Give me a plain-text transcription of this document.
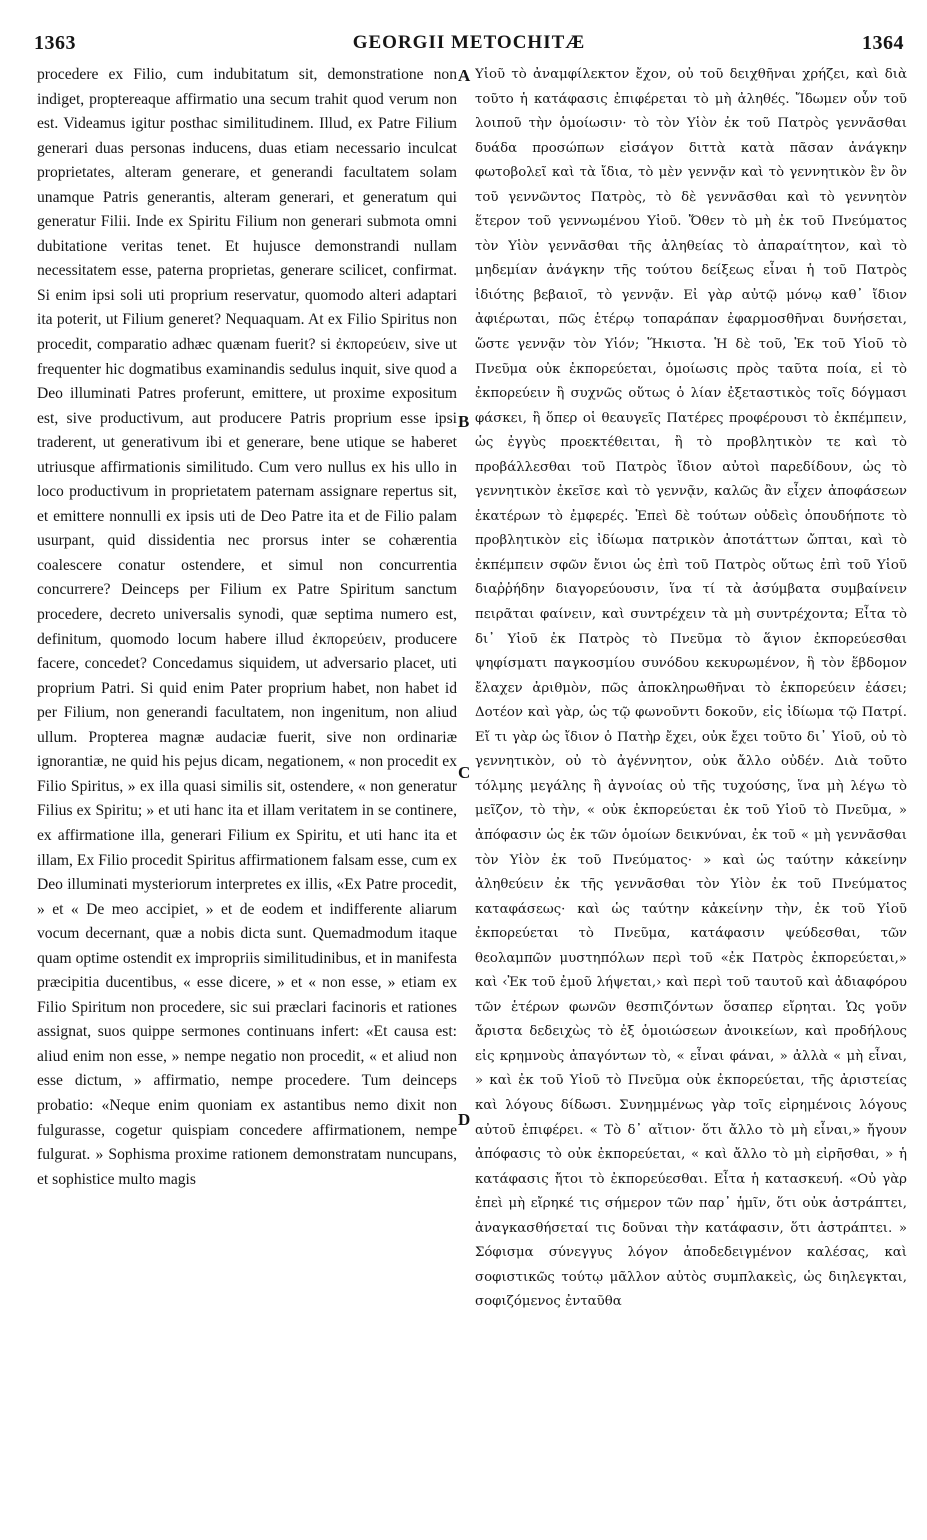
1363	GEORGII METOCHITÆ	1364

procedere ex Filio, cum indubitatum sit, demonstratione non indiget, proptereaque affirmatio una secum trahit quod verum non est. Videamus igitur posthac similitudinem. Illud, ex Patre Filium generari duas personas inducens, duas etiam necessario inculcat proprietates, alteram generare, et generandi facultatem solam unamque Patris generantis, alteram generari, et generatum qui generatur Filii. Inde ex Spiritu Filium non generari submota omni dubitatione veritas tenet. Et hujusce demonstrandi nullam necessitatem esse, paterna proprietas, generare scilicet, confirmat. Si enim ipsi soli uti proprium reservatur, quomodo alteri adaptari ita poterit, ut Filium generet? Nequaquam. At ex Filio Spiritus non procedit, comparatio adhæc quænam fuerit? si ἐκπορεύειν, sive ut frequenter hic dogmatibus examinandis sedulus inquit, sive quod a Deo illuminati Patres proferunt, emittere, ut proxime expositum est, sive productivum, aut producere Patris proprium esse ipsi traderent, ut generativum ibi et generare, bene utique se haberet utriusque affirmationis similitudo. Cum vero nullus ex his ullo in loco productivum in proprietatem paternam assignare repertus sit, et emittere nonnulli ex ipsis uti de Deo Patre ita et de Filio palam usurpant, quid dissidentia nec prorsus inter se cohærentia coalescere conatur ostendere, et simul non concurrentia concurrere? Deinceps per Filium ex Patre Spiritum sanctum procedere, decreto universalis synodi, quæ septima numero est, definitum, quomodo locum habere illud ἐκπορεύειν, producere facere, concedet? Concedamus siquidem, ut adversario placet, uti proprium Patri. Si quid enim Pater proprium habet, non habet id per Filium, non generandi facultatem, non ingenitum, non aliud ullum. Propterea magnæ audaciæ fuerit, sive non ordinariæ ignorantiæ, ne quid his pejus dicam, negationem, « non procedit ex Filio Spiritus, » ex illa quasi similis sit, ostendere, « non generatur Filius ex Spiritu; » et uti hanc ita et illam veritatem in se continere, ex affirmatione illa, generari Filium ex Spiritu, et uti hanc ita et illam, Ex Filio procedit Spiritus affirmationem falsam esse, cum ex Deo illuminati mysteriorum interpretes ex illis, «Ex Patre procedit, » et « De meo accipiet, » et de eodem et indifferente aliarum vocum decernant, quæ a nobis dicta sunt. Quemadmodum itaque quam optime ostendit ex impropriis similitudinibus, et in manifesta præcipitia ducentibus, « esse dicere, » et « non esse, » etiam ex Filio Spiritum non procedere, sic sui præclari facinoris et rationes assignat, suos quippe sermones continuans infert: «Et causa est: aliud enim non esse, » nempe negatio non procedit, « et aliud non esse dictum, » affirmatio, nempe procedere. Tum deinceps probatio: «Neque enim quoniam ex astantibus nemo dixit non fulgurasse, cogetur quispiam concedere affirmationem, nempe fulgurat. » Sophisma proxime rationem demonstratam nuncupans, et sophistice multo magis

Υἱοῦ τὸ ἀναμφίλεκτον ἔχον, οὐ τοῦ δειχθῆναι χρήζει, καὶ διὰ τοῦτο ἡ κατάφασις ἐπιφέρεται τὸ μὴ ἀληθές. Ἴδωμεν οὖν τοῦ λοιποῦ τὴν ὁμοίωσιν· τὸ τὸν Υἱὸν ἐκ τοῦ Πατρὸς γεννᾶσθαι δυάδα προσώπων εἰσάγον διττὰ κατὰ πᾶσαν ἀνάγκην φωτοβολεῖ καὶ τὰ ἴδια, τὸ μὲν γεννᾷν καὶ τὸ γεννητικὸν ἓν ὂν τοῦ γεννῶντος Πατρὸς, τὸ δὲ γεννᾶσθαι καὶ τὸ γεννητὸν ἕτερον τοῦ γεννωμένου Υἱοῦ. Ὅθεν τὸ μὴ ἐκ τοῦ Πνεύματος τὸν Υἱὸν γεννᾶσθαι τῆς ἀληθείας τὸ ἀπαραίτητον, καὶ τὸ μηδεμίαν ἀνάγκην τῆς τούτου δείξεως εἶναι ἡ τοῦ Πατρὸς ἰδιότης βεβαιοῖ, τὸ γεννᾷν. Εἰ γὰρ αὐτῷ μόνῳ καθ᾽ ἴδιον ἀφιέρωται, πῶς ἑτέρῳ τοπαράπαν ἐφαρμοσθῆναι δυνήσεται, ὥστε γεννᾷν τὸν Υἱόν; Ἥκιστα. Ἡ δὲ τοῦ, Ἐκ τοῦ Υἱοῦ τὸ Πνεῦμα οὐκ ἐκπορεύεται, ὁμοίωσις πρὸς ταῦτα ποία, εἰ τὸ ἐκπορεύειν ἢ συχνῶς οὕτως ὁ λίαν ἐξεταστικὸς τοῖς δόγμασι φάσκει, ἢ ὅπερ οἱ θεαυγεῖς Πατέρες προφέρουσι τὸ ἐκπέμπειν, ὡς ἐγγὺς προεκτέθειται, ἢ τὸ προβλητικὸν τε καὶ τὸ προβάλλεσθαι τοῦ Πατρὸς ἴδιον αὐτοὶ παρεδίδουν, ὡς τὸ γεννητικὸν ἐκεῖσε καὶ τὸ γεννᾷν, καλῶς ἂν εἶχεν ἀποφάσεων ἑκατέρων τὸ ἐμφερές. Ἐπεὶ δὲ τούτων οὐδεὶς ὁπουδήποτε τὸ προβλητικὸν εἰς ἰδίωμα πατρικὸν ἀποτάττων ὤπται, καὶ τὸ ἐκπέμπειν σφῶν ἔνιοι ὡς ἐπὶ τοῦ Πατρὸς οὕτως ἐπὶ τοῦ Υἱοῦ διαῤῥήδην διαγορεύουσιν, ἵνα τί τὰ ἀσύμβατα συμβαίνειν πειρᾶται φαίνειν, καὶ συντρέχειν τὰ μὴ συντρέχοντα; Εἶτα τὸ δι᾽ Υἱοῦ ἐκ Πατρὸς τὸ Πνεῦμα τὸ ἅγιον ἐκπορεύεσθαι ψηφίσματι παγκοσμίου συνόδου κεκυρωμένον, ἣ τὸν ἕβδομον ἔλαχεν ἀριθμὸν, πῶς ἀποκληρωθῆναι τὸ ἐκπορεύειν ἐάσει; Δοτέον καὶ γὰρ, ὡς τῷ φωνοῦντι δοκοῦν, εἰς ἰδίωμα τῷ Πατρί. Εἴ τι γὰρ ὡς ἴδιον ὁ Πατὴρ ἔχει, οὐκ ἔχει τοῦτο δι᾽ Υἱοῦ, οὐ τὸ γεννητικὸν, οὐ τὸ ἀγέννητον, οὐκ ἄλλο οὐδέν. Διὰ τοῦτο τόλμης μεγάλης ἢ ἀγνοίας οὐ τῆς τυχούσης, ἵνα μὴ λέγω τὸ μεῖζον, τὸ τὴν, « οὐκ ἐκπορεύεται ἐκ τοῦ Υἱοῦ τὸ Πνεῦμα, » ἀπόφασιν ὡς ἐκ τῶν ὁμοίων δεικνύναι, ἐκ τοῦ « μὴ γεννᾶσθαι τὸν Υἱὸν ἐκ τοῦ Πνεύματος· » καὶ ὡς ταύτην κἀκείνην ἀληθεύειν ἐκ τῆς γεννᾶσθαι τὸν Υἱὸν ἐκ τοῦ Πνεύματος καταφάσεως· καὶ ὡς ταύτην κἀκείνην τὴν, ἐκ τοῦ Υἱοῦ ἐκπορεύεται τὸ Πνεῦμα, κατάφασιν ψεύδεσθαι, τῶν θεολαμπῶν μυστηπόλων περὶ τοῦ «ἐκ Πατρὸς ἐκπορεύεται,» καὶ ‹Ἐκ τοῦ ἐμοῦ λήψεται,› καὶ περὶ τοῦ ταυτοῦ καὶ ἀδιαφόρου τῶν ἑτέρων φωνῶν θεσπιζόντων ὅσαπερ εἴρηται. Ὡς γοῦν ἄριστα δεδειχὼς τὸ ἐξ ὁμοιώσεων ἀνοικείων, καὶ προδήλους εἰς κρημνοὺς ἀπαγόντων τὸ, « εἶναι φάναι, » ἀλλὰ « μὴ εἶναι, » καὶ ἐκ τοῦ Υἱοῦ τὸ Πνεῦμα οὐκ ἐκπορεύεται, τῆς ἀριστείας καὶ λόγους δίδωσι. Συνημμένως γὰρ τοῖς εἰρημένοις λόγους αὐτοῦ ἐπιφέρει. « Τὸ δ᾽ αἴτιον· ὅτι ἄλλο τὸ μὴ εἶναι,» ἤγουν ἀπόφασις τὸ οὐκ ἐκπορεύεται, « καὶ ἄλλο τὸ μὴ εἰρῆσθαι, » ἡ κατάφασις ἤτοι τὸ ἐκπορεύεσθαι. Εἶτα ἡ κατασκευή. «Οὐ γὰρ ἐπεὶ μὴ εἴρηκέ τις σήμερον τῶν παρ᾽ ἡμῖν, ὅτι οὐκ ἀστράπτει, ἀναγκασθήσεταί τις δοῦναι τὴν κατάφασιν, ὅτι ἀστράπτει. » Σόφισμα σύνεγγυς λόγον ἀποδεδειγμένον καλέσας, καὶ σοφιστικῶς τούτῳ μᾶλλον αὐτὸς συμπλακεὶς, ὡς διηλεγκται, σοφιζόμενος ἐνταῦθα

A
B
C
D
